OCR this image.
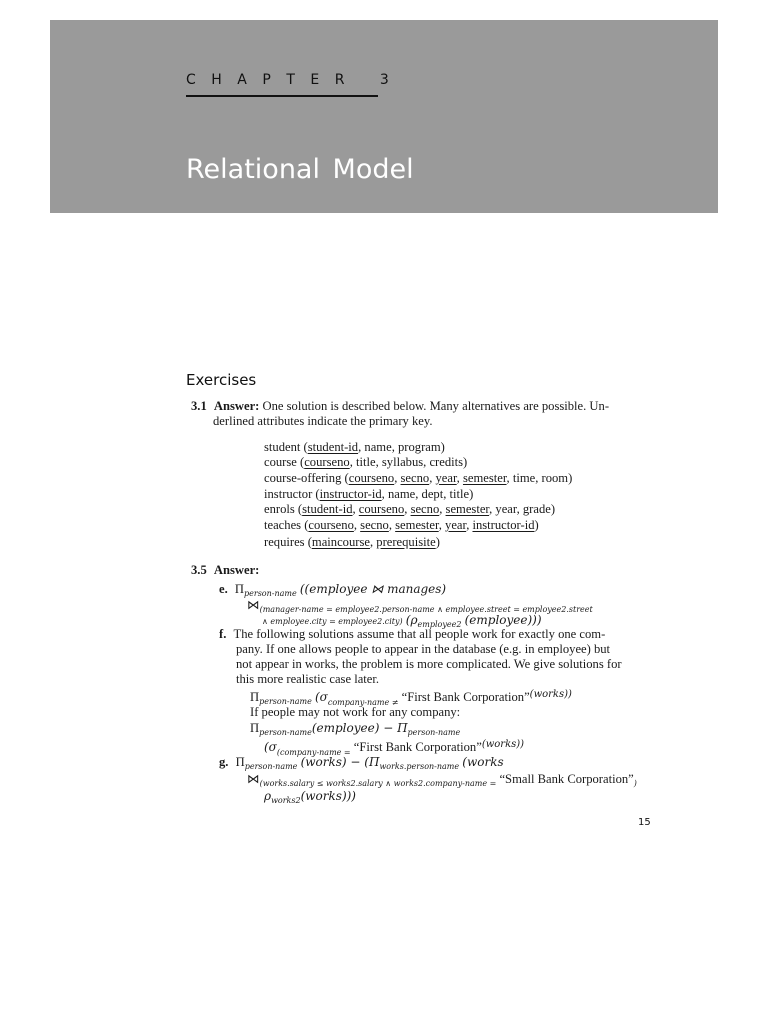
CHAPTER 3
Relational Model
Exercises
3.1 Answer: One solution is described below. Many alternatives are possible. Un-
derlined attributes indicate the primary key.
student (student-id, name, program)
course (courseno, title, syllabus, credits)
course-offering (courseno, secno, year, semester, time, room)
instructor (instructor-id, name, dept, title)
enrols (student-id, courseno, secno, semester, year, grade)
teaches (courseno, secno, semester, year, instructor-id)
requires (maincourse, prerequisite)
3.5 Answer:
e. $\Pi_{person-name}$ ((employee ⋈ manages)
$⋈_{(manager-name = employee2.person-name \wedge employee.street = employee2.street}$
∧ employee.city = employee2.city) ($\rho_{employee2}$ (employee)))
f. The following solutions assume that all people work for exactly one com-
pany. If one allows people to appear in the database (e.g. in employee) but
not appear in works, the problem is more complicated. We give solutions for
this more realistic case later.
$\Pi_{person-name}$ ($\sigma_{company-name \ne}$ “First Bank Corporation”$^{(works))}$
If people may not work for any company:
$\Pi_{person-name}(employee) - \Pi_{person-name}$
($\sigma_{(company-name =}$ “First Bank Corporation”$^{(works))}$
g. $\Pi_{person-name}$ (works) − ($\Pi_{works.person-name}$ (works
$⋈_{(works.salary \le works2.salary \wedge works2.company-name =}$ “Small Bank $Corporation”_)$
$\rho_{works2}(works)$))
15
